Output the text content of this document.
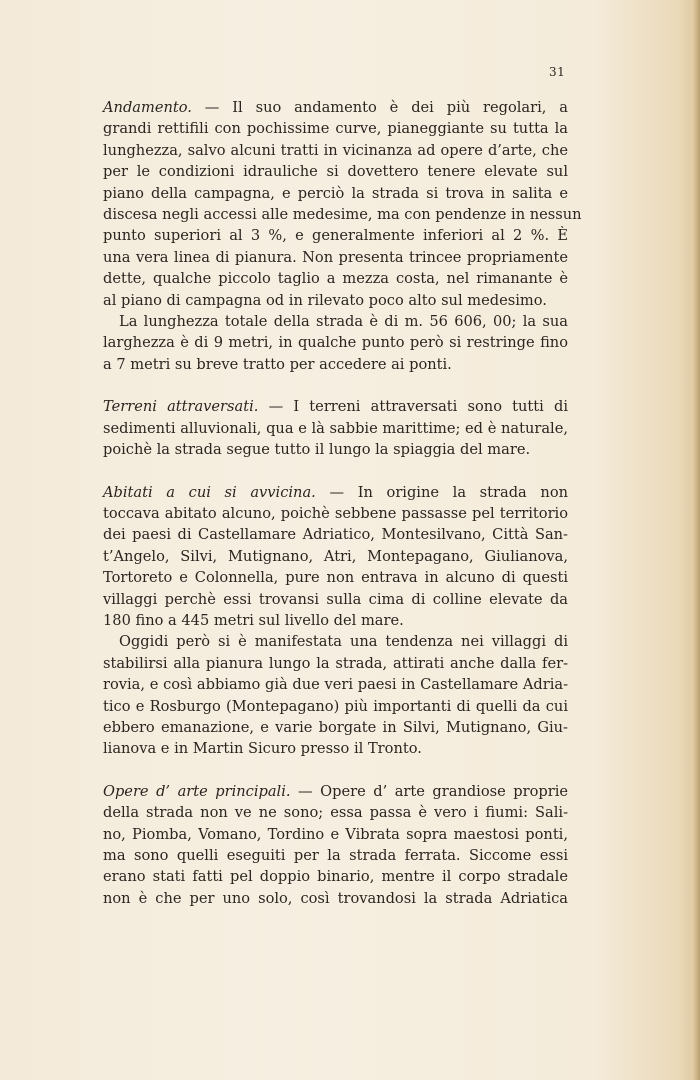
31
Andamento. — Il suo andamento è dei più regolari, a
grandi rettifili con pochissime curve, pianeggiante su tutta la
lunghezza, salvo alcuni tratti in vicinanza ad opere d’arte, che
per le condizioni idrauliche si dovettero tenere elevate sul
piano della campagna, e perciò la strada si trova in salita e
discesa negli accessi alle medesime, ma con pendenze in nessun
punto superiori al 3 %, e generalmente inferiori al 2 %. È
una vera linea di pianura. Non presenta trincee propriamente
dette, qualche piccolo taglio a mezza costa, nel rimanante è
al piano di campagna od in rilevato poco alto sul medesimo.
La lunghezza totale della strada è di m. 56 606, 00; la sua
larghezza è di 9 metri, in qualche punto però si restringe fino
a 7 metri su breve tratto per accedere ai ponti.
Terreni attraversati. — I terreni attraversati sono tutti di
sedimenti alluvionali, qua e là sabbie marittime; ed è naturale,
poichè la strada segue tutto il lungo la spiaggia del mare.
Abitati a cui si avvicina. — In origine la strada non
toccava abitato alcuno, poichè sebbene passasse pel territorio
dei paesi di Castellamare Adriatico, Montesilvano, Città San-
t’Angelo, Silvi, Mutignano, Atri, Montepagano, Giulianova,
Tortoreto e Colonnella, pure non entrava in alcuno di questi
villaggi perchè essi trovansi sulla cima di colline elevate da
180 fino a 445 metri sul livello del mare.
Oggidi però si è manifestata una tendenza nei villaggi di
stabilirsi alla pianura lungo la strada, attirati anche dalla fer-
rovia, e così abbiamo già due veri paesi in Castellamare Adria-
tico e Rosburgo (Montepagano) più importanti di quelli da cui
ebbero emanazione, e varie borgate in Silvi, Mutignano, Giu-
lianova e in Martin Sicuro presso il Tronto.
Opere d’ arte principali. — Opere d’ arte grandiose proprie
della strada non ve ne sono; essa passa è vero i fiumi: Sali-
no, Piomba, Vomano, Tordino e Vibrata sopra maestosi ponti,
ma sono quelli eseguiti per la strada ferrata. Siccome essi
erano stati fatti pel doppio binario, mentre il corpo stradale
non è che per uno solo, così trovandosi la strada Adriatica
